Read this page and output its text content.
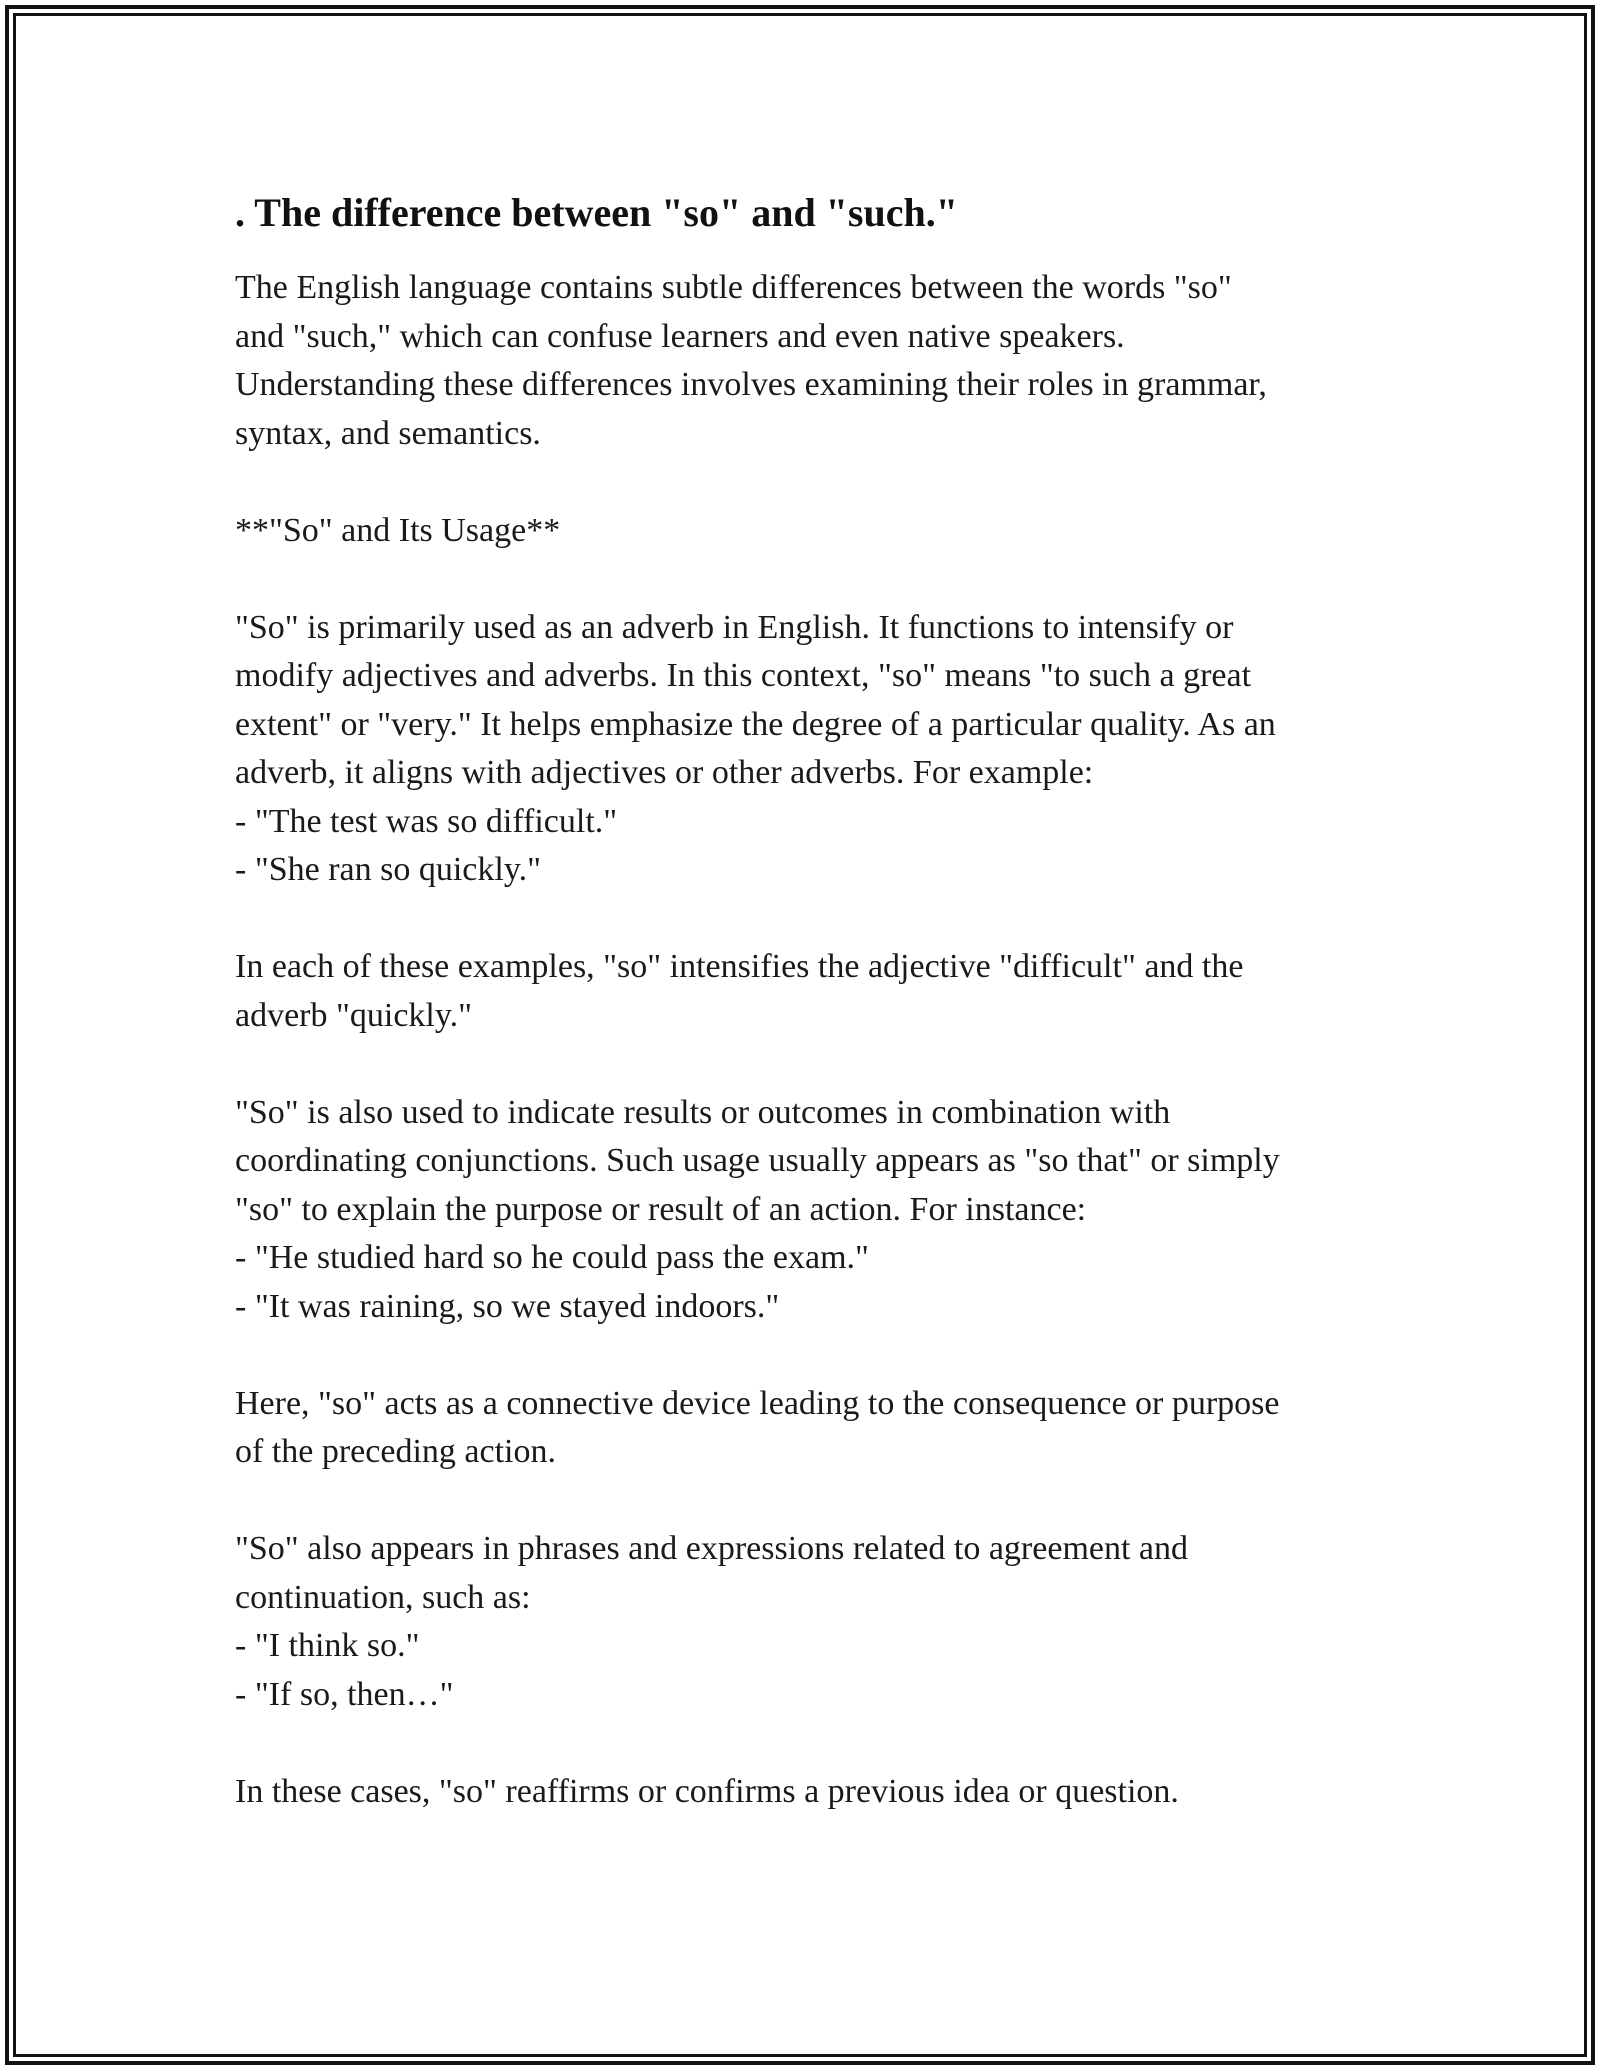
. The difference between "so" and "such."
The English language contains subtle differences between the words "so"
and "such," which can confuse learners and even native speakers.
Understanding these differences involves examining their roles in grammar,
syntax, and semantics.
**"So" and Its Usage**
"So" is primarily used as an adverb in English. It functions to intensify or
modify adjectives and adverbs. In this context, "so" means "to such a great
extent" or "very." It helps emphasize the degree of a particular quality. As an
adverb, it aligns with adjectives or other adverbs. For example:
- "The test was so difficult."
- "She ran so quickly."
In each of these examples, "so" intensifies the adjective "difficult" and the
adverb "quickly."
"So" is also used to indicate results or outcomes in combination with
coordinating conjunctions. Such usage usually appears as "so that" or simply
"so" to explain the purpose or result of an action. For instance:
- "He studied hard so he could pass the exam."
- "It was raining, so we stayed indoors."
Here, "so" acts as a connective device leading to the consequence or purpose
of the preceding action.
"So" also appears in phrases and expressions related to agreement and
continuation, such as:
- "I think so."
- "If so, then…"
In these cases, "so" reaffirms or confirms a previous idea or question.
